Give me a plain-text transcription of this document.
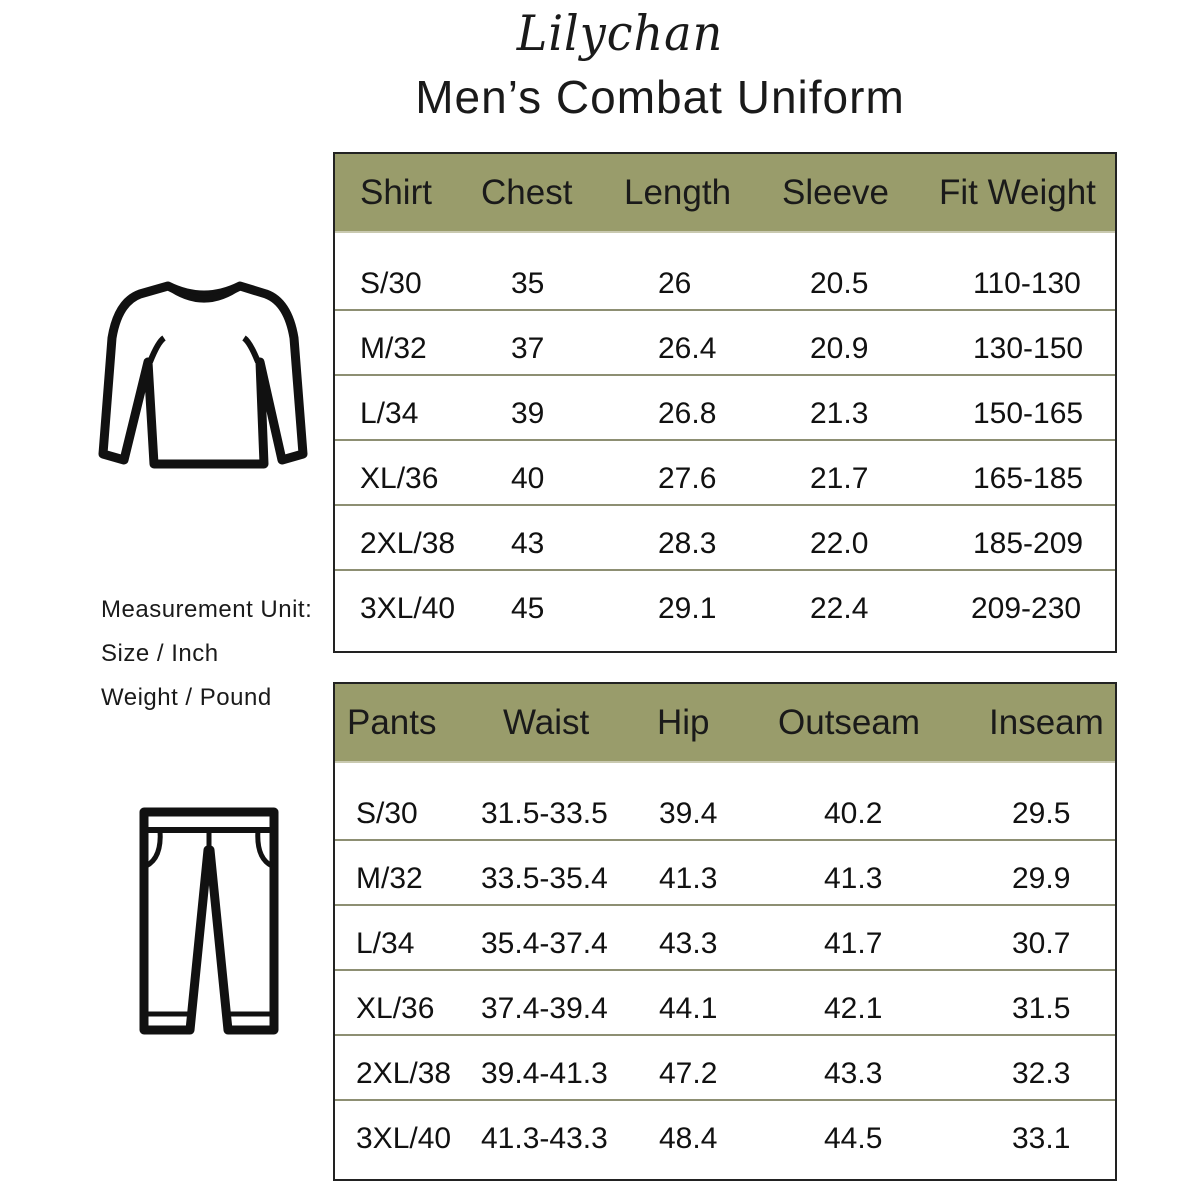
Lilychan
Men’s Combat Uniform
Measurement Unit:
Size / Inch
Weight / Pound
Shirt Chest Length Sleeve Fit Weight
S/30	35	26	20.5	110-130
M/32	37	26.4	20.9	130-150
L/34	39	26.8	21.3	150-165
XL/36 40	27.6	21.7	165-185
2XL/38 43	28.3	22.0	185-209
3XL/40 45	29.1	22.4	209-230
Pants Waist Hip Outseam Inseam
S/30 31.5-33.5 39.4	40.2	29.5
M/32 33.5-35.4 41.3	41.3	29.9
L/34 35.4-37.4 43.3	41.7	30.7
XL/36 37.4-39.4 44.1	42.1	31.5
2XL/38 39.4-41.3 47.2	43.3	32.3
3XL/40 41.3-43.3 48.4	44.5	33.1
